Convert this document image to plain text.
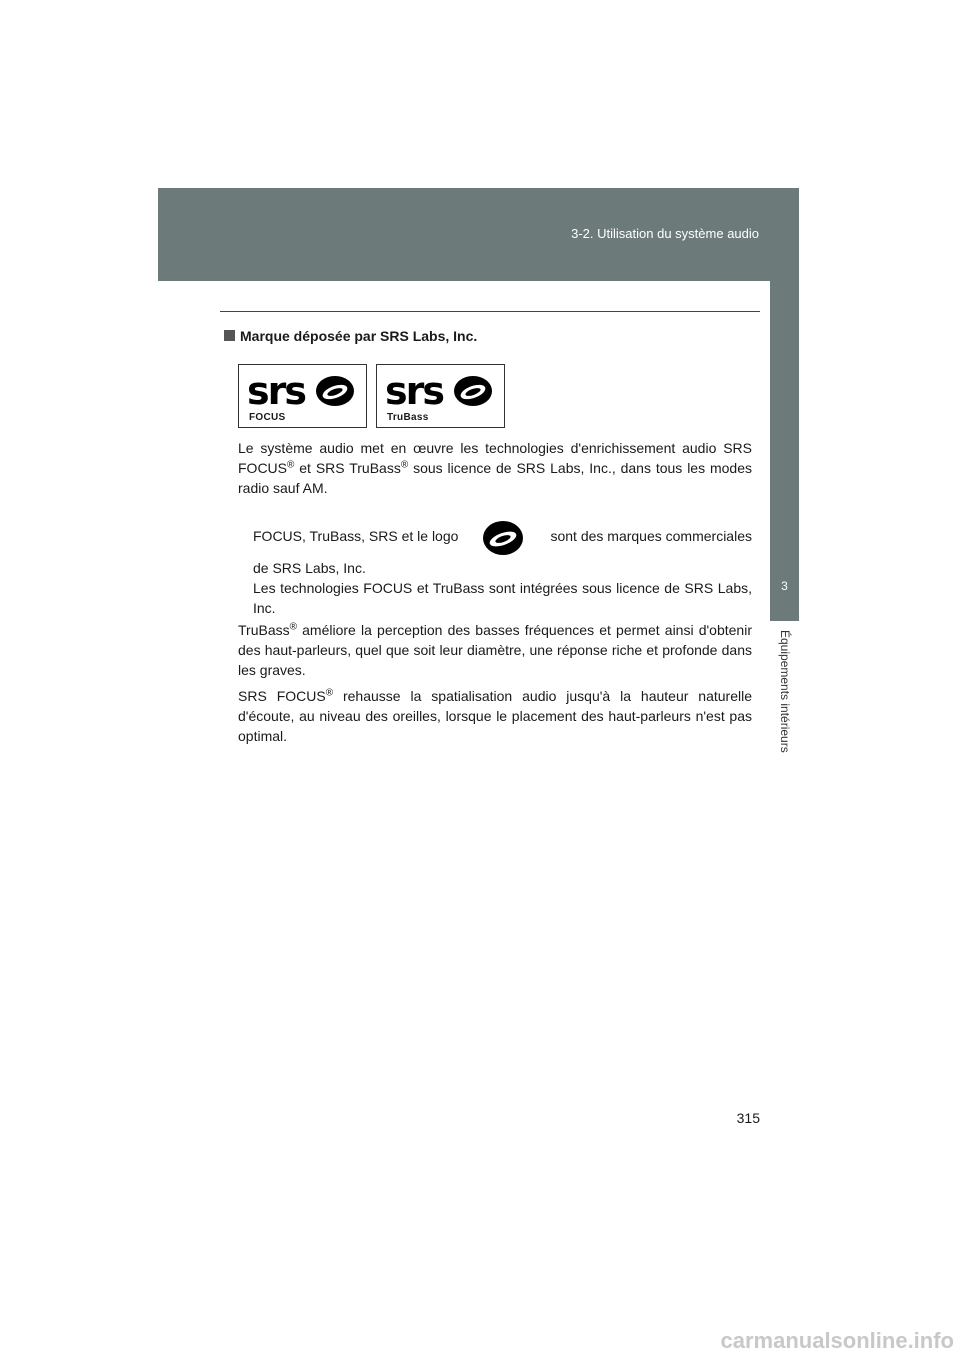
3-2. Utilisation du système audio
3
Équipements intérieurs
Marque déposée par SRS Labs, Inc.
srs
FOCUS
srs
TruBass

Le système audio met en œuvre les technologies d'enrichissement audio SRS FOCUS® et SRS TruBass® sous licence de SRS Labs, Inc., dans tous les modes radio sauf AM.

FOCUS, TruBass, SRS et le logo	sont des marques commerciales

de SRS Labs, Inc.
Les technologies FOCUS et TruBass sont intégrées sous licence de SRS Labs, Inc.

TruBass® améliore la perception des basses fréquences et permet ainsi d'obtenir des haut-parleurs, quel que soit leur diamètre, une réponse riche et profonde dans les graves.

SRS FOCUS® rehausse la spatialisation audio jusqu'à la hauteur naturelle d'écoute, au niveau des oreilles, lorsque le placement des haut-parleurs n'est pas optimal.

315
carmanualsonline.info
